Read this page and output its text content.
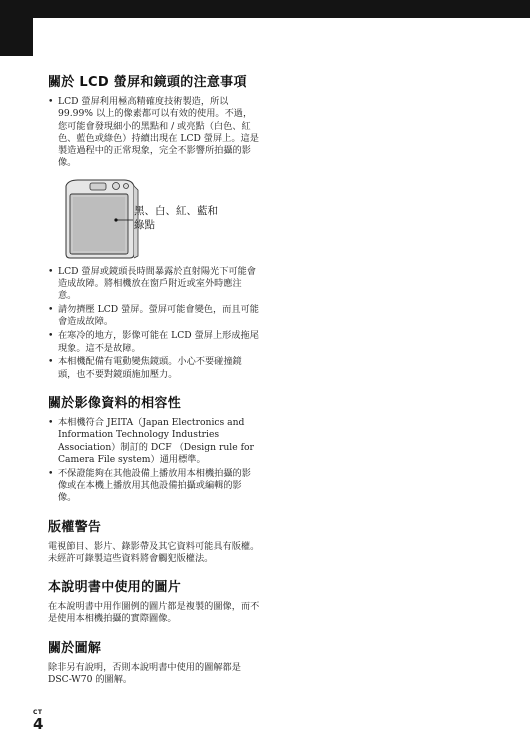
關於 LCD 螢屏和鏡頭的注意事項
• LCD 螢屏利用極高精確度技術製造，所以 99.99% 以上的像素都可以有效的使用。不過，您可能會發現細小的黑點和 / 或亮點（白色、紅色、藍色或綠色）持續出現在 LCD 螢屏上。這是製造過程中的正常現象，完全不影響所拍攝的影像。
黑、白、紅、藍和
綠點
• LCD 螢屏或鏡頭長時間暴露於直射陽光下可能會造成故障。將相機放在窗戶附近或室外時應注意。
• 請勿擠壓 LCD 螢屏。螢屏可能會變色，而且可能會造成故障。
• 在寒冷的地方，影像可能在 LCD 螢屏上形成拖尾現象。這不是故障。
• 本相機配備有電動變焦鏡頭。小心不要碰撞鏡頭，也不要對鏡頭施加壓力。
關於影像資料的相容性
• 本相機符合 JEITA（Japan Electronics and Information Technology Industries Association）制訂的 DCF （Design rule for Camera File system）通用標準。
• 不保證能夠在其他設備上播放用本相機拍攝的影像或在本機上播放用其他設備拍攝或編輯的影像。
版權警告

電視節目、影片、錄影帶及其它資料可能具有版權。未經許可錄製這些資料將會觸犯版權法。

本說明書中使用的圖片

在本說明書中用作圖例的圖片都是複製的圖像，而不是使用本相機拍攝的實際圖像。

關於圖解

除非另有說明，否則本說明書中使用的圖解都是 DSC-W70 的圖解。

CT
4
